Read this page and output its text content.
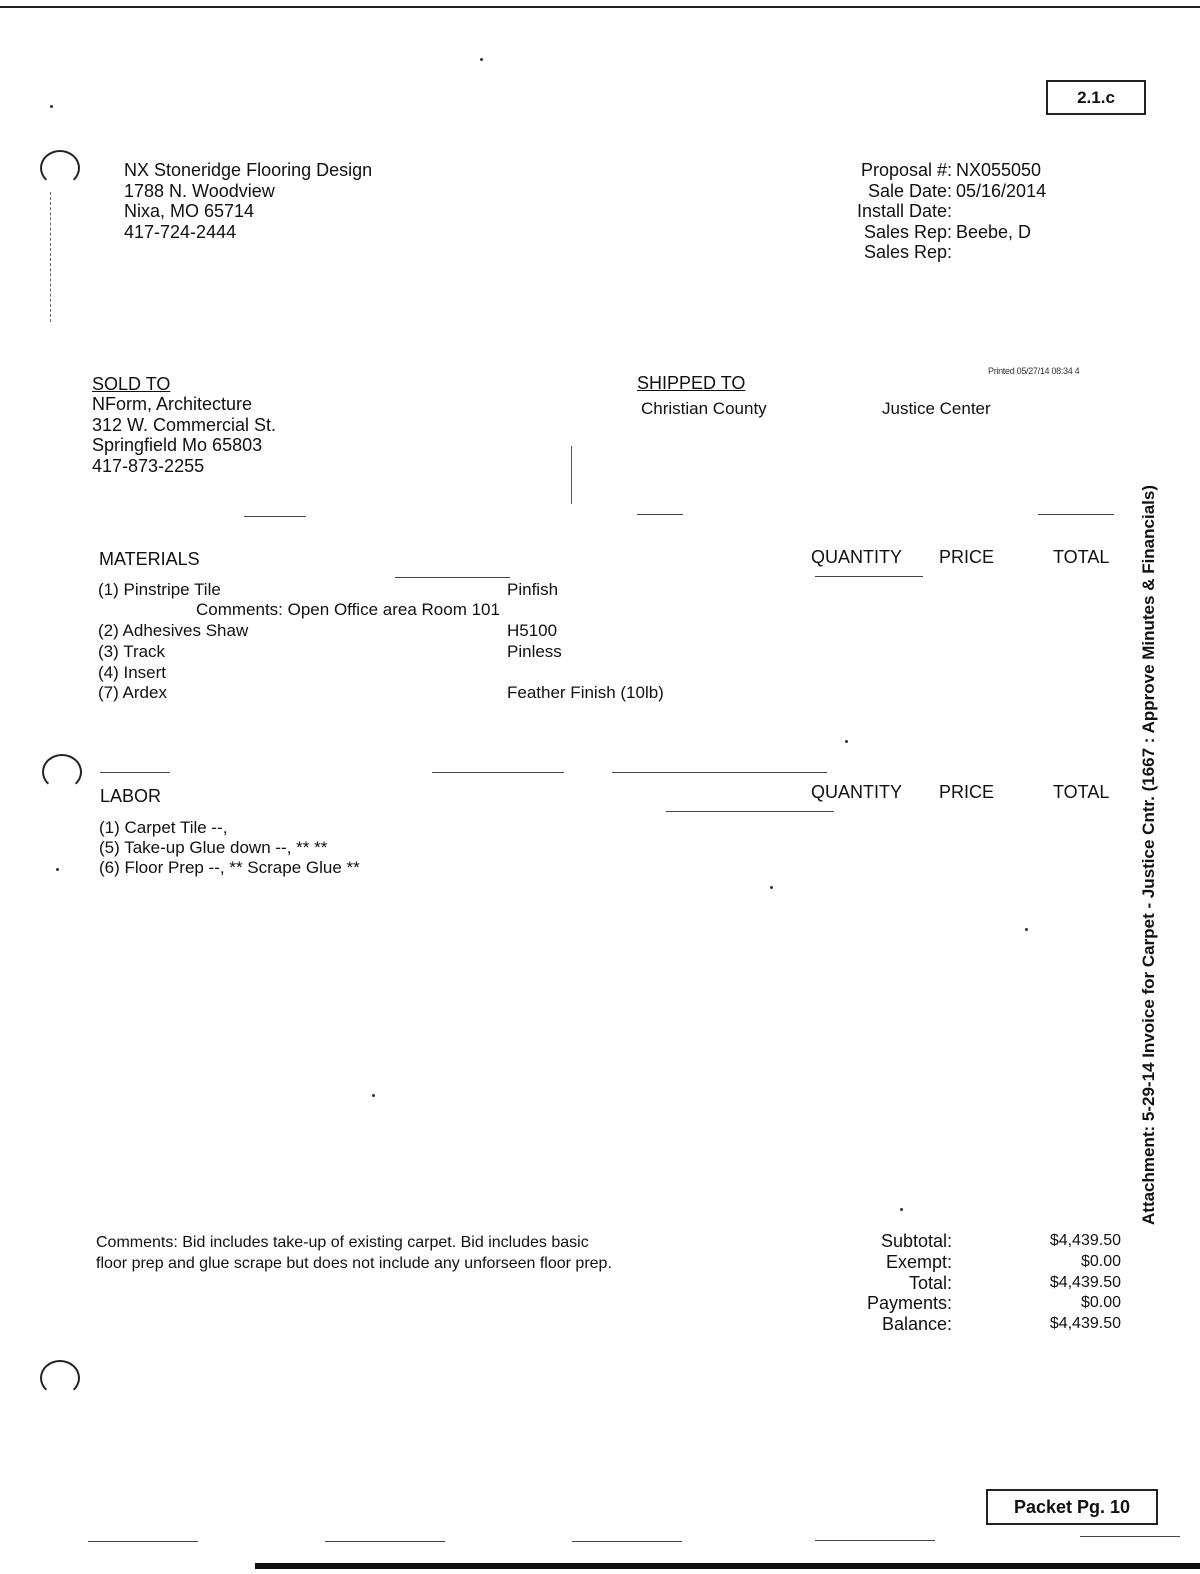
2.1.c
NX Stoneridge Flooring Design
1788 N. Woodview
Nixa, MO 65714
417-724-2444
Proposal #: NX055050
Sale Date: 05/16/2014
Install Date:
Sales Rep: Beebe, D
Sales Rep:
Printed 05/27/14 08:34 4
SOLD TO
NForm, Architecture
312 W. Commercial St.
Springfield Mo 65803
417-873-2255
SHIPPED TO
Christian County	Justice Center
MATERIALS	QUANTITY PRICE	TOTAL
(1) Pinstripe Tile	Pinfish
Comments: Open Office area Room 101
(2) Adhesives Shaw	H5100
(3) Track	Pinless
(4) Insert
(7) Ardex	Feather Finish (10lb)
LABOR	QUANTITY PRICE	TOTAL
(1) Carpet Tile --,
(5) Take-up Glue down --, ** **
(6) Floor Prep --, ** Scrape Glue **
Comments: Bid includes take-up of existing carpet. Bid includes basic floor prep and glue scrape but does not include any unforseen floor prep.
Subtotal:	$4,439.50
Exempt:	$0.00
Total:	$4,439.50
Payments:	$0.00
Balance:	$4,439.50
Attachment: 5-29-14 Invoice for Carpet - Justice Cntr. (1667 : Approve Minutes & Financials)
Packet Pg. 10
